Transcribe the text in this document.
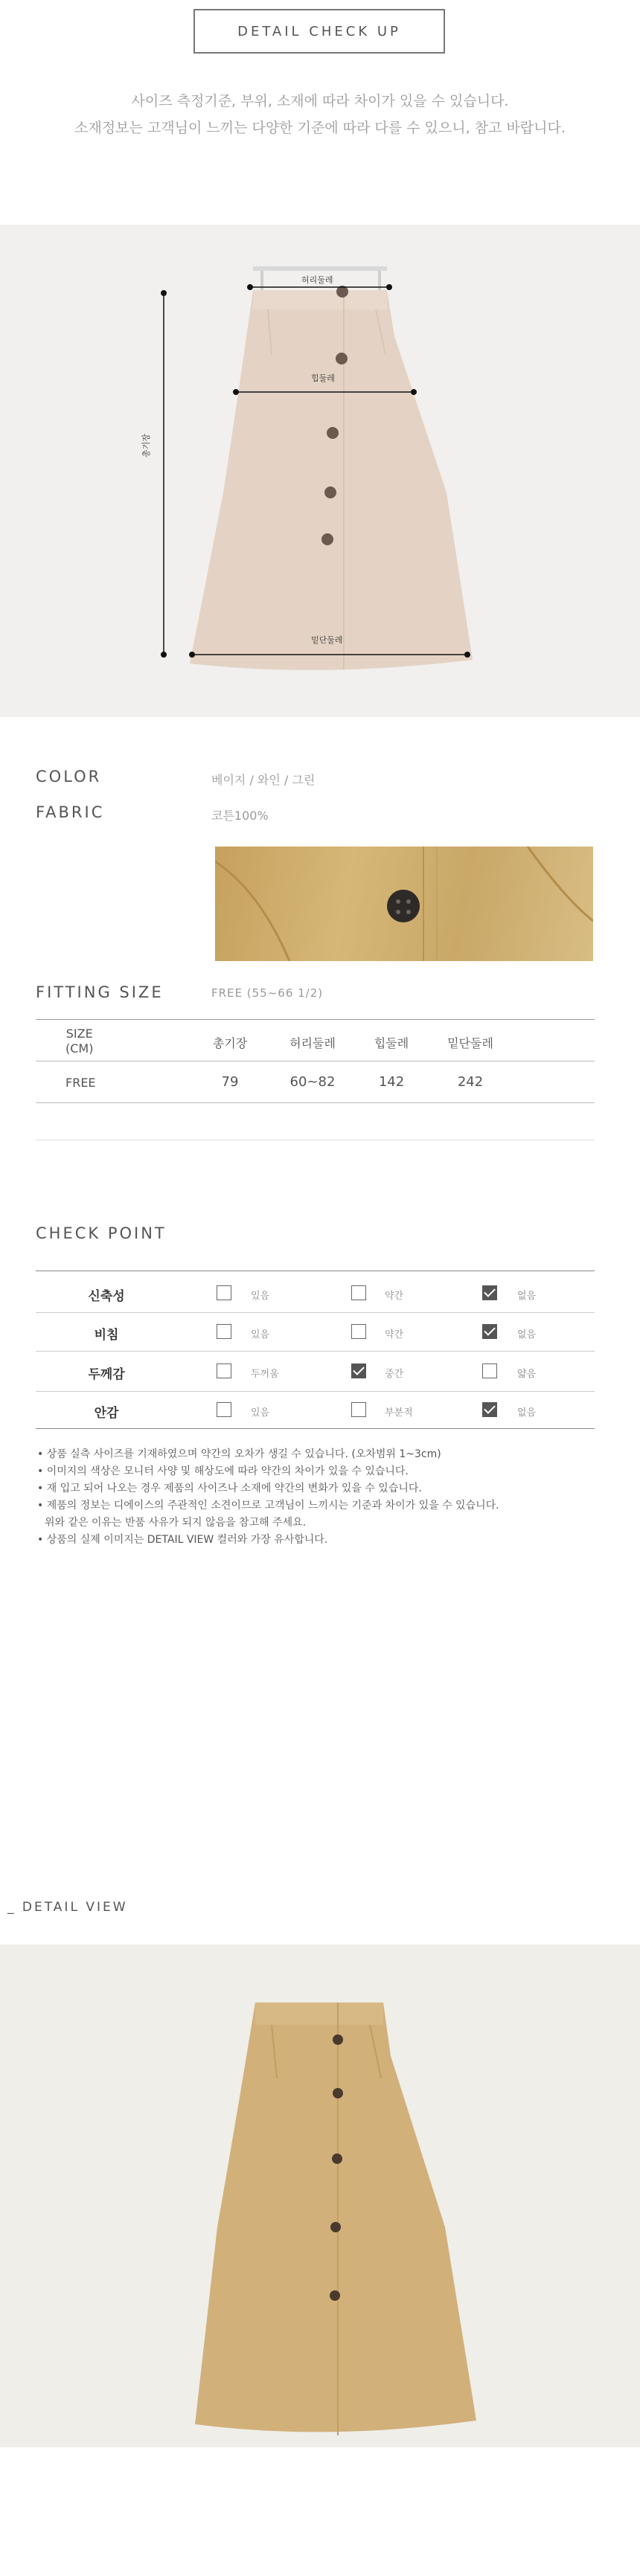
DETAIL CHECK UP
사이즈 측정기준, 부위, 소재에 따라 차이가 있을 수 있습니다.
소재정보는 고객님이 느끼는 다양한 기준에 따라 다를 수 있으니, 참고 바랍니다.
허리둘레
힙둘레
총기장
밑단둘레
COLOR	베이지 / 와인 / 그린
FABRIC	코튼100%
FITTING SIZE	FREE (55~66 1/2)
SIZE
(CM)	총기장	허리둘레	힙둘레	밑단둘레
FREE	79	60~82	142	242
CHECK POINT
신축성	있음	약간	없음
비침	있음	약간	없음
두께감	두꺼움	중간	얇음
안감	있음	부분적	없음
• 상품 실측 사이즈를 기재하였으며 약간의 오차가 생길 수 있습니다. (오차범위 1~3cm)
• 이미지의 색상은 모니터 사양 및 해상도에 따라 약간의 차이가 있을 수 있습니다.
• 재 입고 되어 나오는 경우 제품의 사이즈나 소재에 약간의 변화가 있을 수 있습니다.
• 제품의 정보는 디에이스의 주관적인 소견이므로 고객님이 느끼시는 기준과 차이가 있을 수 있습니다.
위와 같은 이유는 반품 사유가 되지 않음을 참고해 주세요.
• 상품의 실제 이미지는 DETAIL VIEW 컬러와 가장 유사합니다.
_ DETAIL VIEW
